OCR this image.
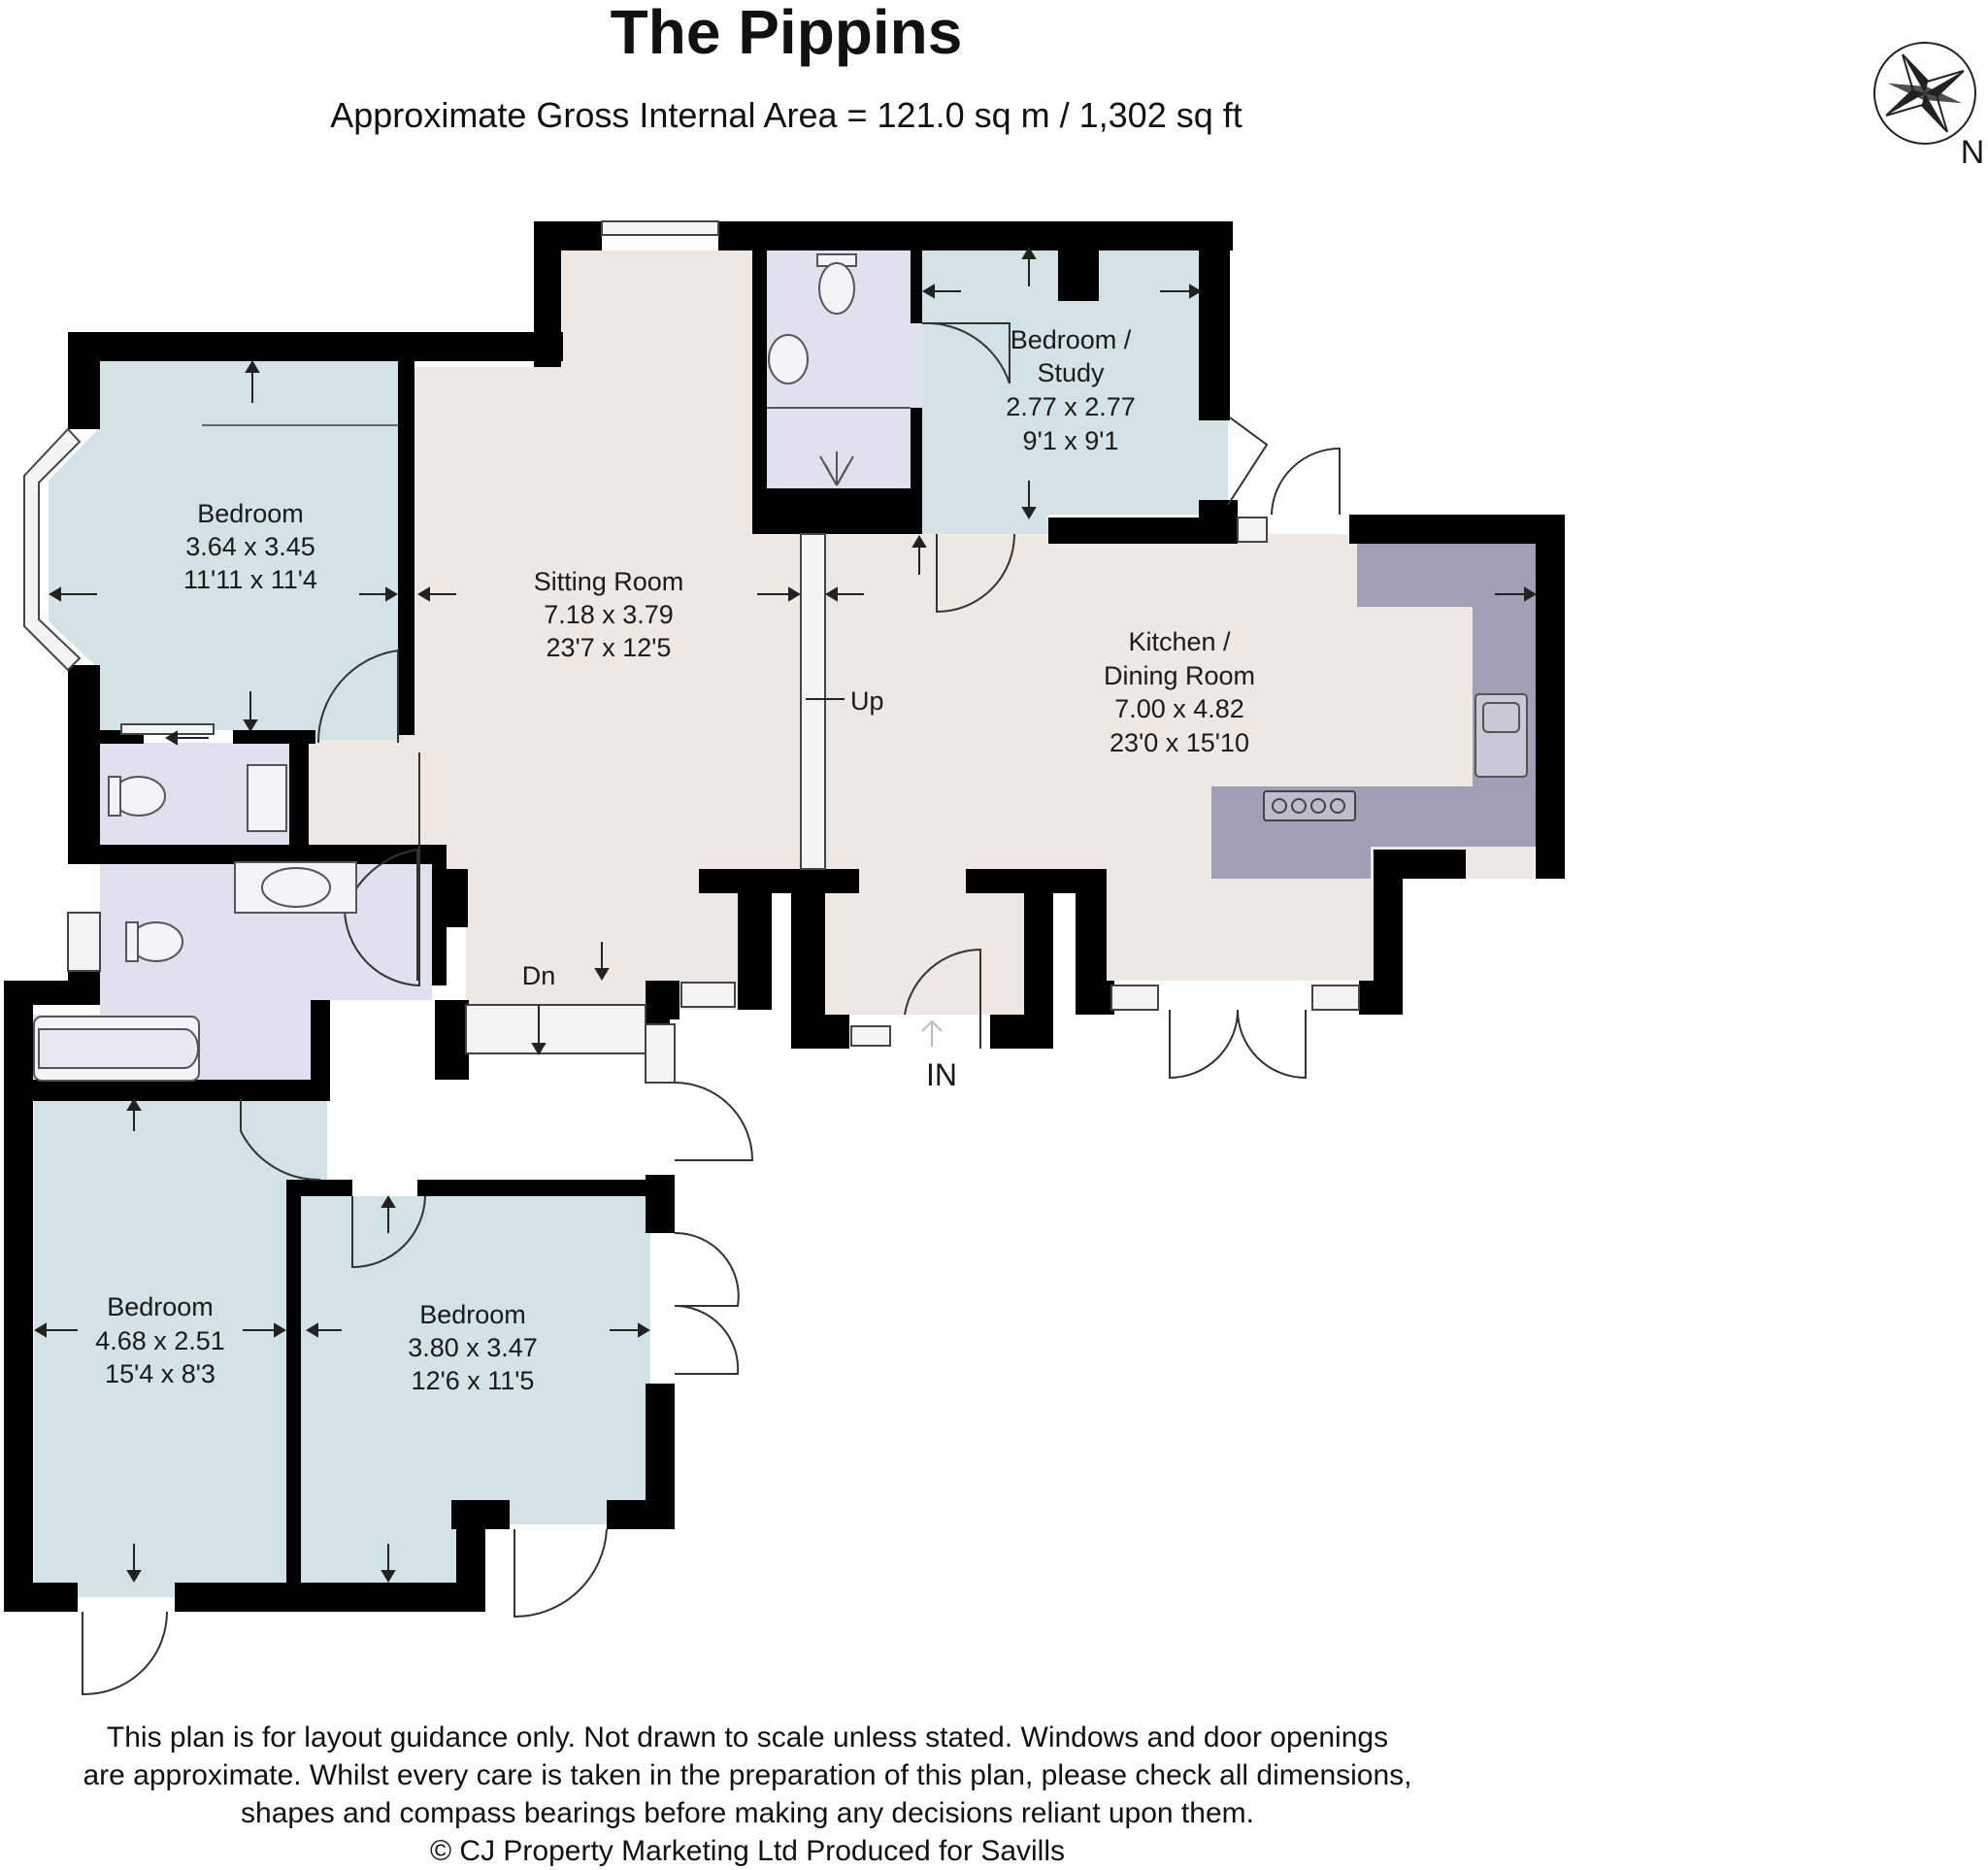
The Pippins
Approximate Gross Internal Area = 121.0 sq m / 1,302 sq ft
N
Bedroom
3.64 x 3.45
11'11 x 11'4	Sitting Room
7.18 x 3.79
23'7 x 12'5
Bedroom /
Study
2.77 x 2.77
9'1 x 9'1
Kitchen /
Dining Room
7.00 x 4.82
23'0 x 15'10
Bedroom
4.68 x 2.51
15'4 x 8'3
Bedroom
3.80 x 3.47
12'6 x 11'5
Up
Dn
IN
This plan is for layout guidance only. Not drawn to scale unless stated. Windows and door openings
are approximate. Whilst every care is taken in the preparation of this plan, please check all dimensions,
shapes and compass bearings before making any decisions reliant upon them.
© CJ Property Marketing Ltd Produced for Savills
